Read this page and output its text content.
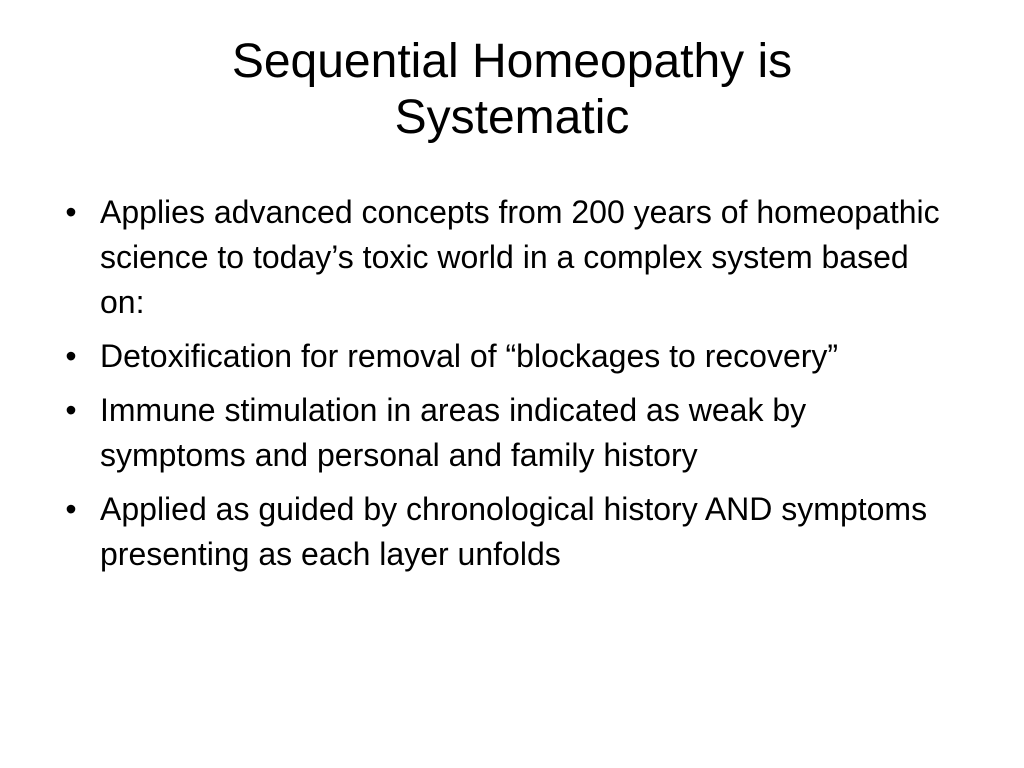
Sequential Homeopathy is
Systematic
• Applies advanced concepts from 200 years of homeopathic science to today’s toxic world in a complex system based on:
• Detoxification for removal of “blockages to recovery”
• Immune stimulation in areas indicated as weak by symptoms and personal and family history
• Applied as guided by chronological history AND symptoms presenting as each layer unfolds
